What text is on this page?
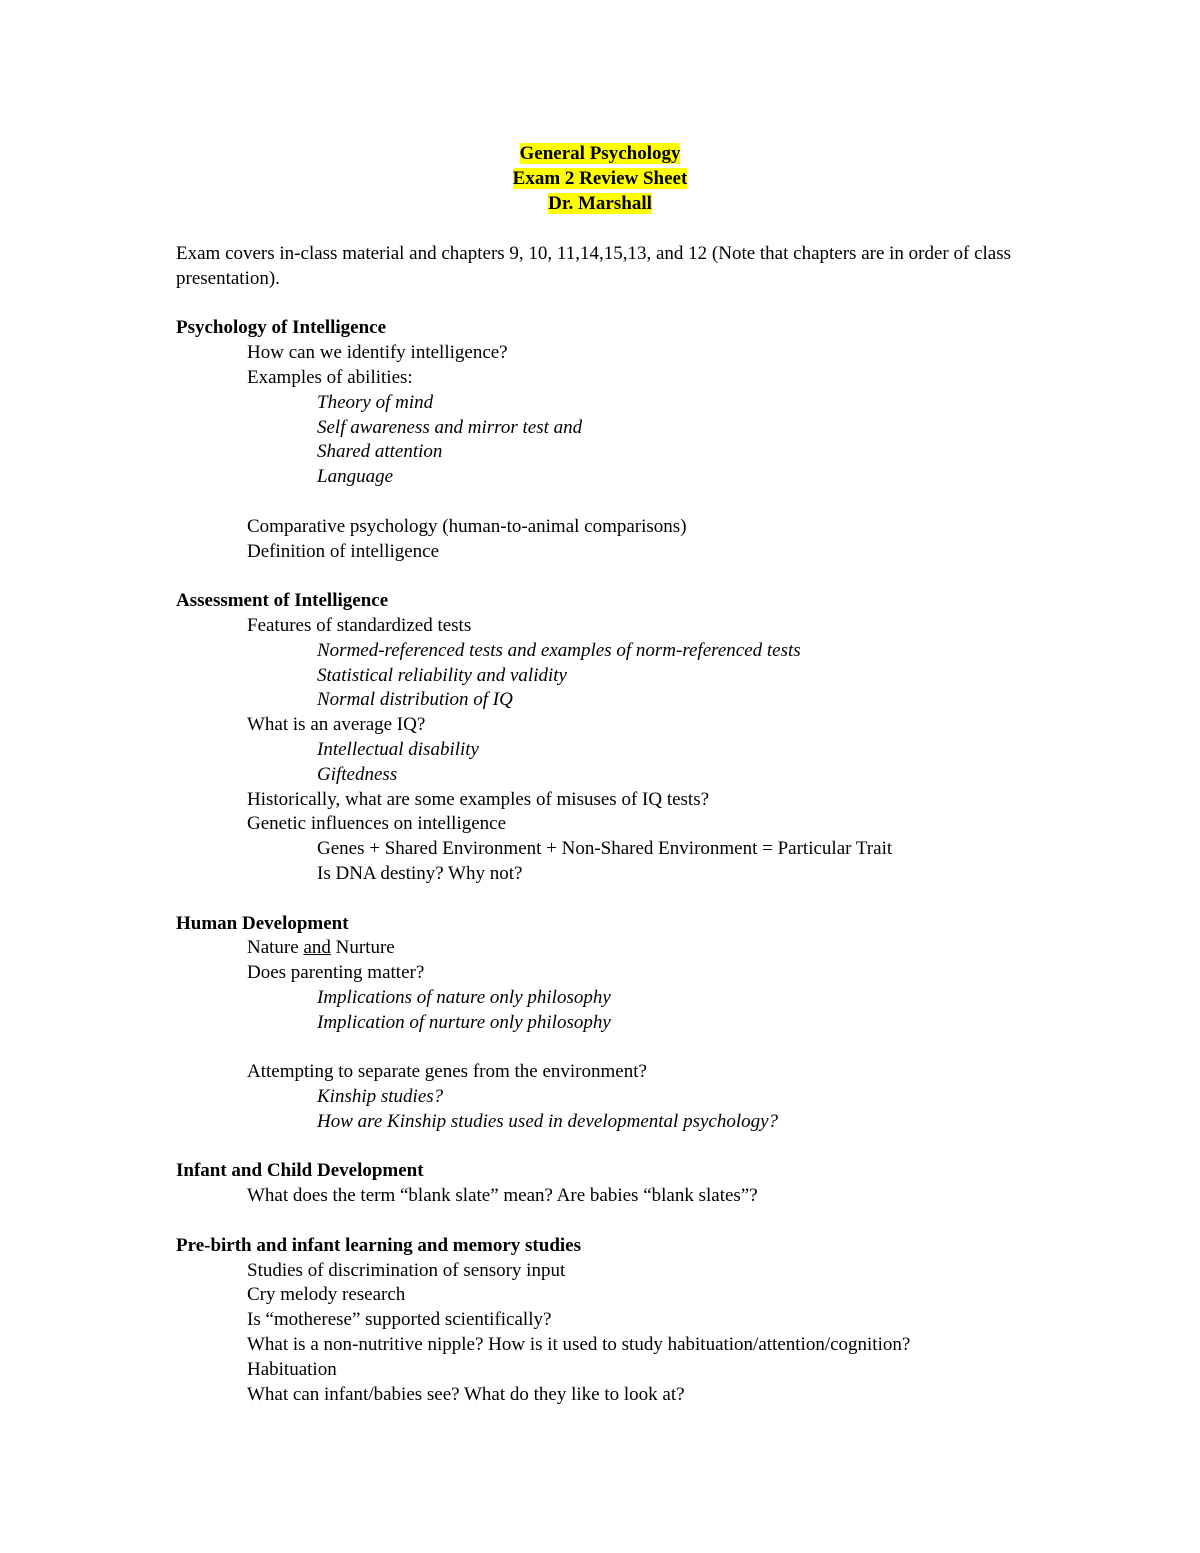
General Psychology
Exam 2 Review Sheet
Dr. Marshall
Exam covers in-class material and chapters 9, 10, 11,14,15,13, and 12 (Note that chapters are in order of class presentation).
Psychology of Intelligence
How can we identify intelligence?
Examples of abilities:
Theory of mind
Self awareness and mirror test and
Shared attention
Language
Comparative psychology (human-to-animal comparisons)
Definition of intelligence
Assessment of Intelligence
Features of standardized tests
Normed-referenced tests and examples of norm-referenced tests
Statistical reliability and validity
Normal distribution of IQ
What is an average IQ?
Intellectual disability
Giftedness
Historically, what are some examples of misuses of IQ tests?
Genetic influences on intelligence
Genes + Shared Environment + Non-Shared Environment = Particular Trait
Is DNA destiny? Why not?
Human Development
Nature and Nurture
Does parenting matter?
Implications of nature only philosophy
Implication of nurture only philosophy
Attempting to separate genes from the environment?
Kinship studies?
How are Kinship studies used in developmental psychology?
Infant and Child Development
What does the term “blank slate” mean? Are babies “blank slates”?
Pre-birth and infant learning and memory studies
Studies of discrimination of sensory input
Cry melody research
Is “motherese” supported scientifically?
What is a non-nutritive nipple? How is it used to study habituation/attention/cognition?
Habituation
What can infant/babies see? What do they like to look at?
